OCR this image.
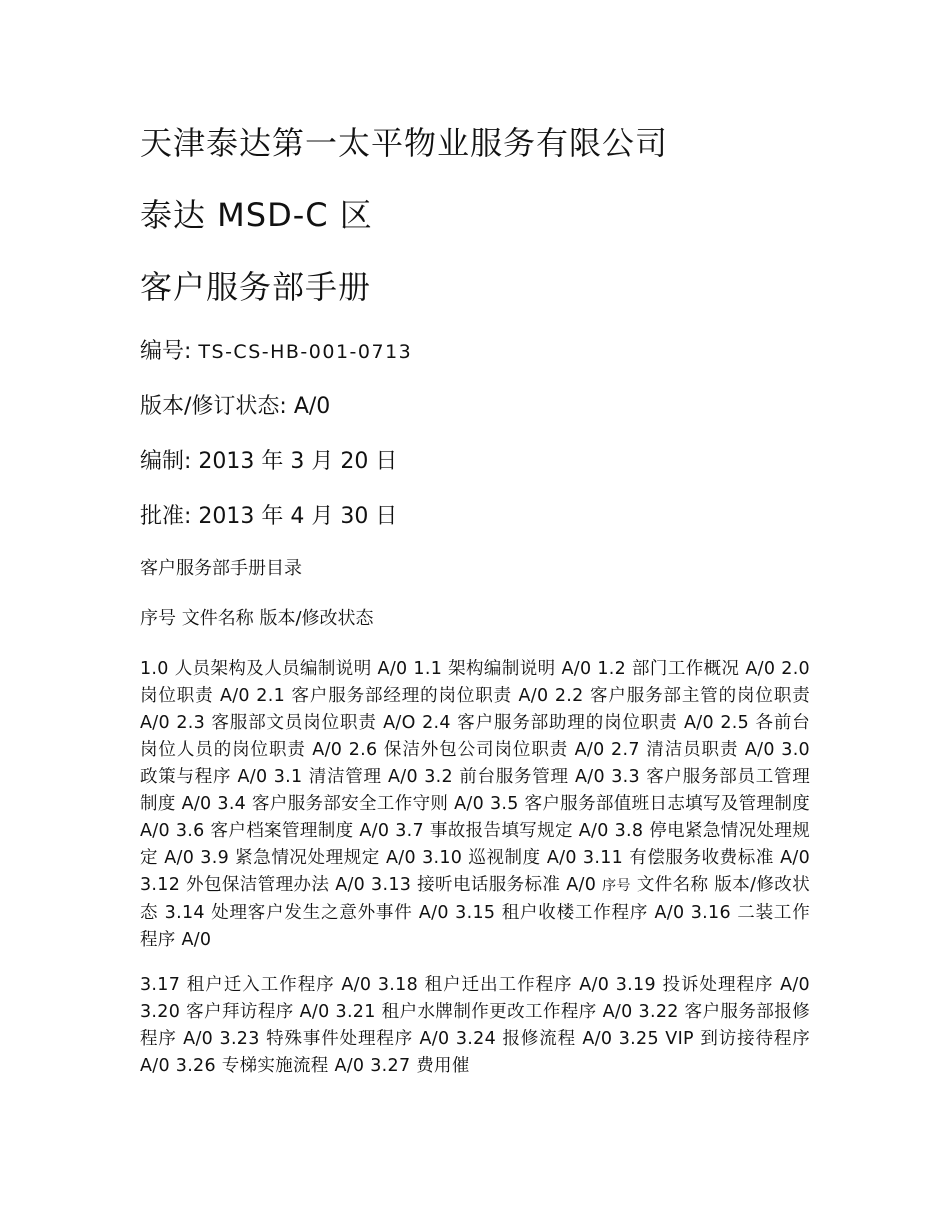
天津泰达第一太平物业服务有限公司
泰达 MSD-C 区
客户服务部手册
编号: TS-CS-HB-001-0713
版本/修订状态: A/0
编制: 2013 年 3 月 20 日
批准: 2013 年 4 月 30 日
客户服务部手册目录
序号 文件名称 版本/修改状态
1.0 人员架构及人员编制说明 A/0 1.1 架构编制说明 A/0 1.2 部门工作概况 A/0 2.0 岗位职责 A/0 2.1 客户服务部经理的岗位职责 A/0 2.2 客户服务部主管的岗位职责 A/0 2.3 客服部文员岗位职责 A/O 2.4 客户服务部助理的岗位职责 A/0 2.5 各前台岗位人员的岗位职责 A/0 2.6 保洁外包公司岗位职责 A/0 2.7 清洁员职责 A/0 3.0 政策与程序 A/0 3.1 清洁管理 A/0 3.2 前台服务管理 A/0 3.3 客户服务部员工管理制度 A/0 3.4 客户服务部安全工作守则 A/0 3.5 客户服务部值班日志填写及管理制度 A/0 3.6 客户档案管理制度 A/0 3.7 事故报告填写规定 A/0 3.8 停电紧急情况处理规定 A/0 3.9 紧急情况处理规定 A/0 3.10 巡视制度 A/0 3.11 有偿服务收费标准 A/0 3.12 外包保洁管理办法 A/0 3.13 接听电话服务标准 A/0 序号 文件名称 版本/修改状态 3.14 处理客户发生之意外事件 A/0 3.15 租户收楼工作程序 A/0 3.16 二装工作程序 A/0
3.17 租户迁入工作程序 A/0 3.18 租户迁出工作程序 A/0 3.19 投诉处理程序 A/0 3.20 客户拜访程序 A/0 3.21 租户水牌制作更改工作程序 A/0 3.22 客户服务部报修程序 A/0 3.23 特殊事件处理程序 A/0 3.24 报修流程 A/0 3.25 VIP 到访接待程序 A/0 3.26 专梯实施流程 A/0 3.27 费用催
